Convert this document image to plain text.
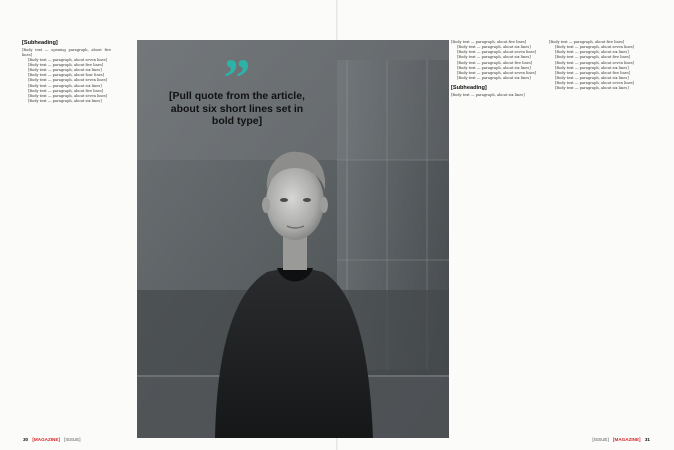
[Subheading]

[Body text — opening paragraph, about five lines]

[Body text — paragraph, about seven lines]

[Body text — paragraph, about five lines]

[Body text — paragraph, about six lines]

[Body text — paragraph, about four lines]

[Body text — paragraph, about seven lines]

[Body text — paragraph, about six lines]

[Body text — paragraph, about five lines]

[Body text — paragraph, about seven lines]

[Body text — paragraph, about six lines]	”
[Pull quote from the article, about six short lines set in bold type]

[Body text — paragraph, about five lines]

[Body text — paragraph, about six lines]

[Body text — paragraph, about seven lines]

[Body text — paragraph, about six lines]

[Body text — paragraph, about five lines]

[Body text — paragraph, about six lines]

[Body text — paragraph, about seven lines]

[Body text — paragraph, about six lines]

[Subheading]

[Body text — paragraph, about six lines]

[Body text — paragraph, about five lines]

[Body text — paragraph, about seven lines]

[Body text — paragraph, about six lines]

[Body text — paragraph, about five lines]

[Body text — paragraph, about seven lines]

[Body text — paragraph, about six lines]

[Body text — paragraph, about five lines]

[Body text — paragraph, about six lines]

[Body text — paragraph, about seven lines]

[Body text — paragraph, about six lines]

30 [MAGAZINE] [ISSUE]	[ISSUE] [MAGAZINE] 31
